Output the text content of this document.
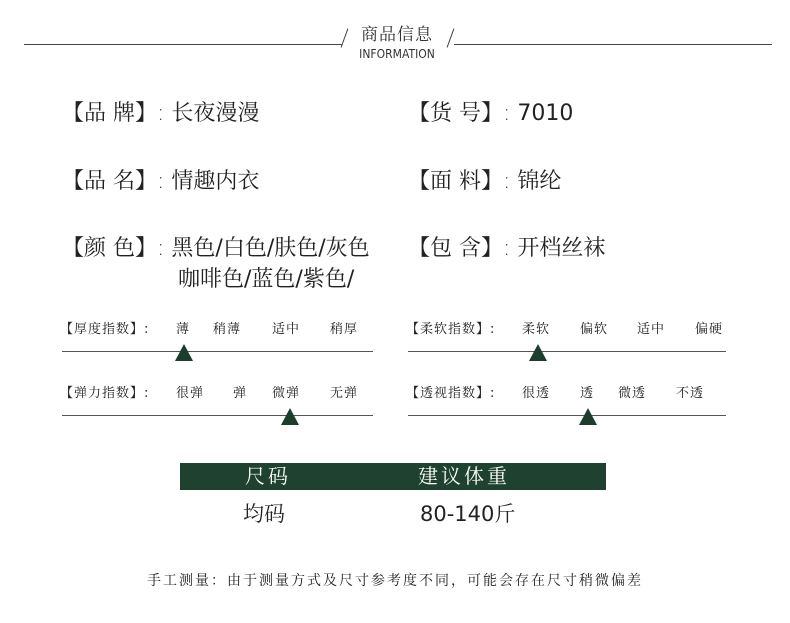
商品信息
INFORMATION
【品 牌】: 长夜漫漫	【货 号】: 7010
【品 名】: 情趣内衣	【面 料】: 锦纶
【颜 色】: 黑色/白色/肤色/灰色
咖啡色/蓝色/紫色/
【包 含】: 开档丝袜
【厚度指数】: 薄 稍薄 适中 稍厚	【柔软指数】: 柔软 偏软 适中 偏硬
【弹力指数】: 很弹 弹 微弹 无弹	【透视指数】: 很透 透 微透 不透
尺码	建议体重
均码	80-140斤
手工测量：由于测量方式及尺寸参考度不同，可能会存在尺寸稍微偏差
